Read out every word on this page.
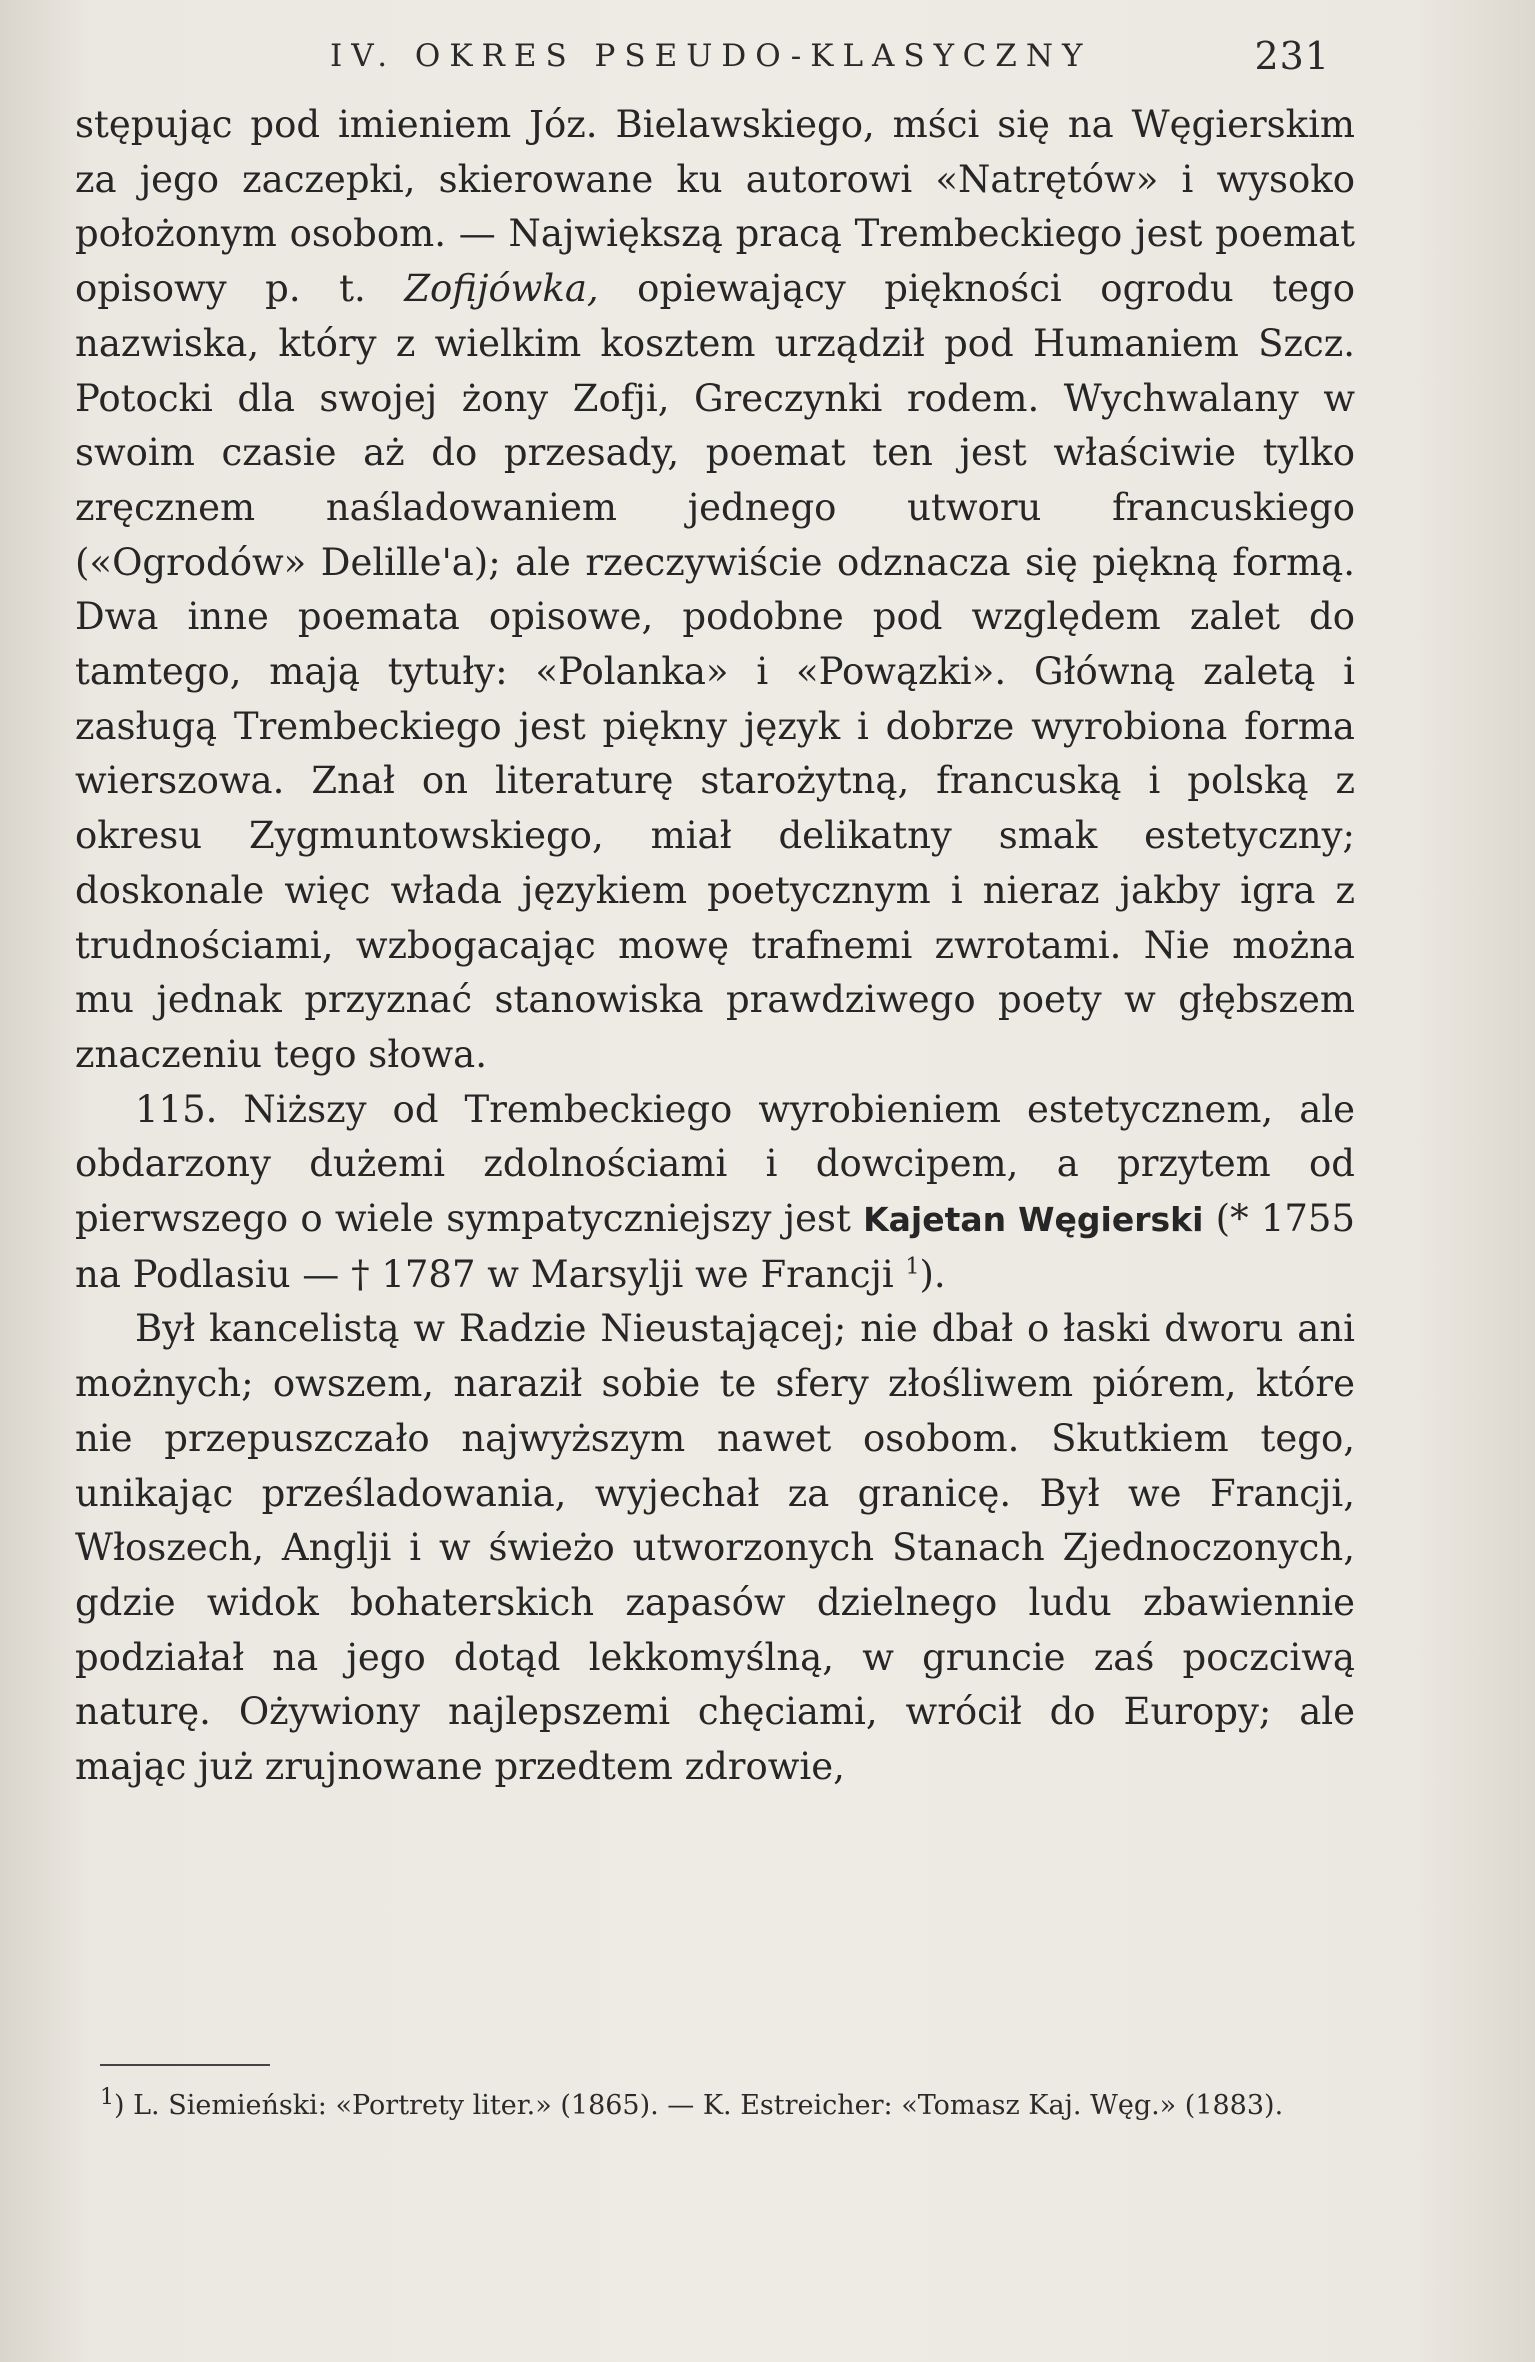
IV. OKRES PSEUDO-KLASYCZNY	231

stępując pod imieniem Józ. Bielawskiego, mści się na Węgierskim za jego zaczepki, skierowane ku autorowi «Natrętów» i wysoko położonym osobom. — Największą pracą Trembeckiego jest poemat opisowy p. t. Zofijówka, opiewający piękności ogrodu tego nazwiska, który z wielkim kosztem urządził pod Humaniem Szcz. Potocki dla swojej żony Zofji, Greczynki rodem. Wychwalany w swoim czasie aż do przesady, poemat ten jest właściwie tylko zręcznem naśladowaniem jednego utworu francuskiego («Ogrodów» Delille'a); ale rzeczywiście odznacza się piękną formą. Dwa inne poemata opisowe, podobne pod względem zalet do tamtego, mają tytuły: «Polanka» i «Powązki». Główną zaletą i zasługą Trembeckiego jest piękny język i dobrze wyrobiona forma wierszowa. Znał on literaturę starożytną, francuską i polską z okresu Zygmuntowskiego, miał delikatny smak estetyczny; doskonale więc włada językiem poetycznym i nieraz jakby igra z trudnościami, wzbogacając mowę trafnemi zwrotami. Nie można mu jednak przyznać stanowiska prawdziwego poety w głębszem znaczeniu tego słowa.

115. Niższy od Trembeckiego wyrobieniem estetycznem, ale obdarzony dużemi zdolnościami i dowcipem, a przytem od pierwszego o wiele sympatyczniejszy jest Kajetan Węgierski (* 1755 na Podlasiu — † 1787 w Marsylji we Francji $^1$).

Był kancelistą w Radzie Nieustającej; nie dbał o łaski dworu ani możnych; owszem, naraził sobie te sfery złośliwem piórem, które nie przepuszczało najwyższym nawet osobom. Skutkiem tego, unikając prześladowania, wyjechał za granicę. Był we Francji, Włoszech, Anglji i w świeżo utworzonych Stanach Zjednoczonych, gdzie widok bohaterskich zapasów dzielnego ludu zbawiennie podziałał na jego dotąd lekkomyślną, w gruncie zaś poczciwą naturę. Ożywiony najlepszemi chęciami, wrócił do Europy; ale mając już zrujnowane przedtem zdrowie,

$^1$) L. Siemieński: «Portrety liter.» (1865). — K. Estreicher: «Tomasz Kaj. Węg.» (1883).
